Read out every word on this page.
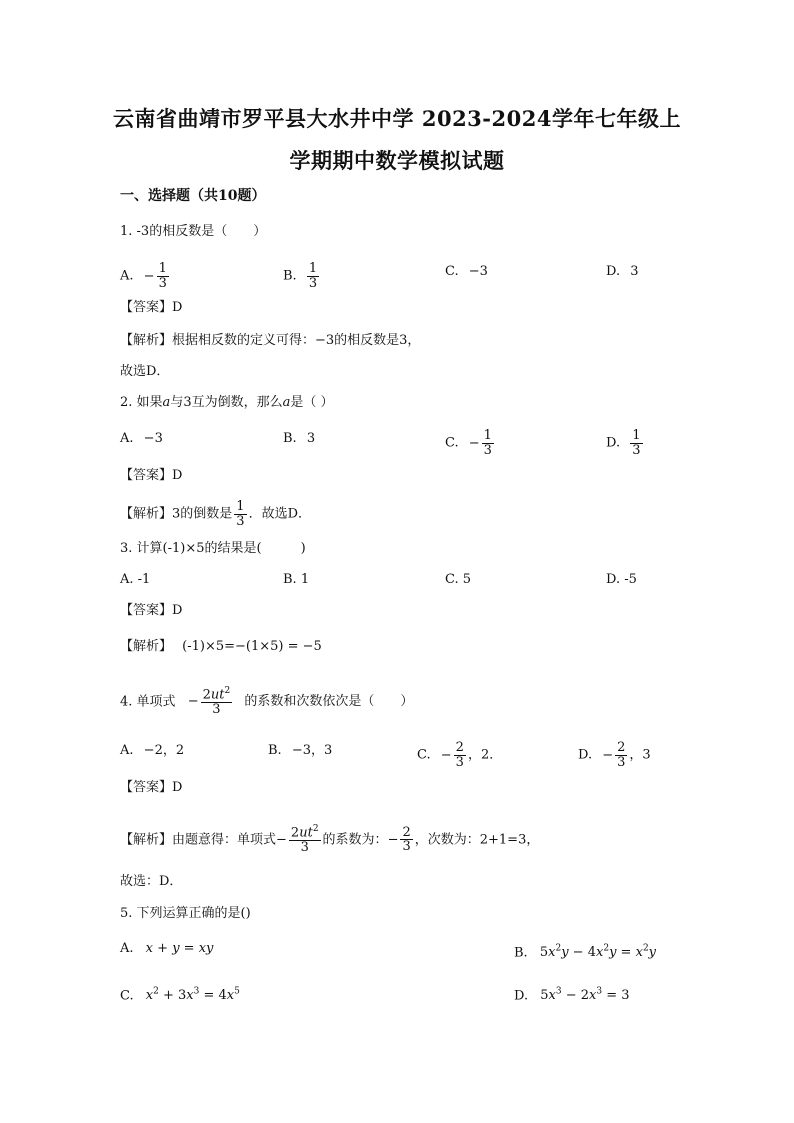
云南省曲靖市罗平县大水井中学 2023-2024学年七年级上
学期期中数学模拟试题
一、选择题（共10题）
1. -3的相反数是（　　）
A. − $\frac{1}{3}$	B. $\frac{1}{3}$	C. −3	D. 3
【答案】D
【解析】根据相反数的定义可得：−3的相反数是3，
故选D．
2. 如果a与3互为倒数，那么a是（ ）
A. −3	B. 3	C. − $\frac{1}{3}$	D. $\frac{1}{3}$
【答案】D
【解析】3的倒数是 $\frac{1}{3}$ ．故选D．
3. 计算(-1)×5的结果是(　　　)
A. -1	B. 1	C. 5	D. -5
【答案】D
【解析】 (-1)×5=−(1×5) = −5
4. 单项式 − $\frac{2ut^2}{3}$ 的系数和次数依次是（　　）
A. −2，2	B. −3，3	C. − $\frac{2}{3}$ ，2．	D. − $\frac{2}{3}$ ，3
【答案】D
【解析】由题意得：单项式− $\frac{2ut^2}{3}$ 的系数为：− $\frac{2}{3}$ ，次数为：2+1=3，
故选：D．
5. 下列运算正确的是()
A. x + y = xy	B. $5x^2y - 4x^2y = x^2y$
C. $x^2 + 3x^3 = 4x^5$	D. $5x^3 - 2x^3 = 3$
